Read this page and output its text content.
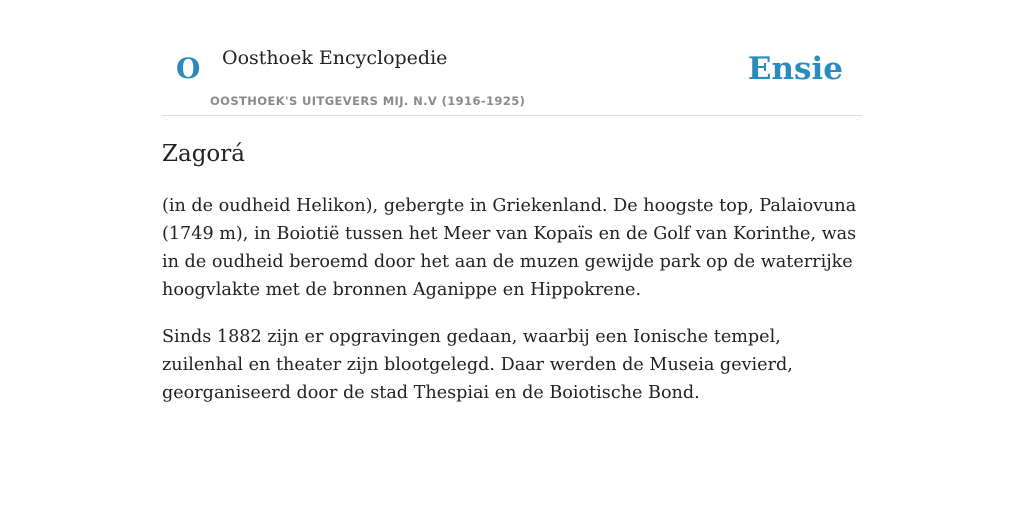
O Oosthoek Encyclopedie
OOSTHOEK'S UITGEVERS MIJ. N.V (1916-1925)
Ensie
Zagorá

(in de oudheid Helikon), gebergte in Griekenland. De hoogste top, Palaiovuna (1749 m), in Boiotië tussen het Meer van Kopaïs en de Golf van Korinthe, was in de oudheid beroemd door het aan de muzen gewijde park op de waterrijke hoogvlakte met de bronnen Aganippe en Hippokrene.

Sinds 1882 zijn er opgravingen gedaan, waarbij een Ionische tempel, zuilenhal en theater zijn blootgelegd. Daar werden de Museia gevierd, georganiseerd door de stad Thespiai en de Boiotische Bond.
